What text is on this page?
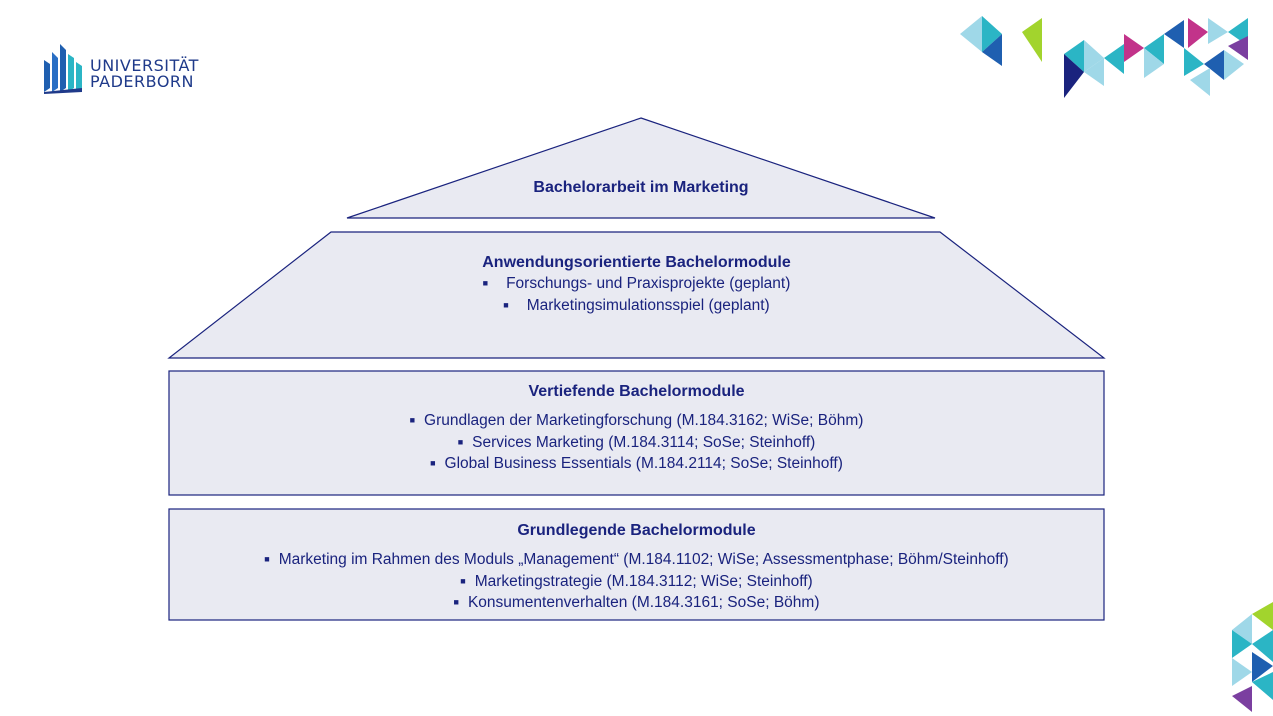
UNIVERSITÄT
PADERBORN
Bachelorarbeit im Marketing
Anwendungsorientierte Bachelormodule
■ Forschungs- und Praxisprojekte (geplant)
■ Marketingsimulationsspiel (geplant)
Vertiefende Bachelormodule
■ Grundlagen der Marketingforschung (M.184.3162; WiSe; Böhm)
■ Services Marketing (M.184.3114; SoSe; Steinhoff)
■ Global Business Essentials (M.184.2114; SoSe; Steinhoff)
Grundlegende Bachelormodule
■ Marketing im Rahmen des Moduls „Management“ (M.184.1102; WiSe; Assessmentphase; Böhm/Steinhoff)
■ Marketingstrategie (M.184.3112; WiSe; Steinhoff)
■ Konsumentenverhalten (M.184.3161; SoSe; Böhm)
